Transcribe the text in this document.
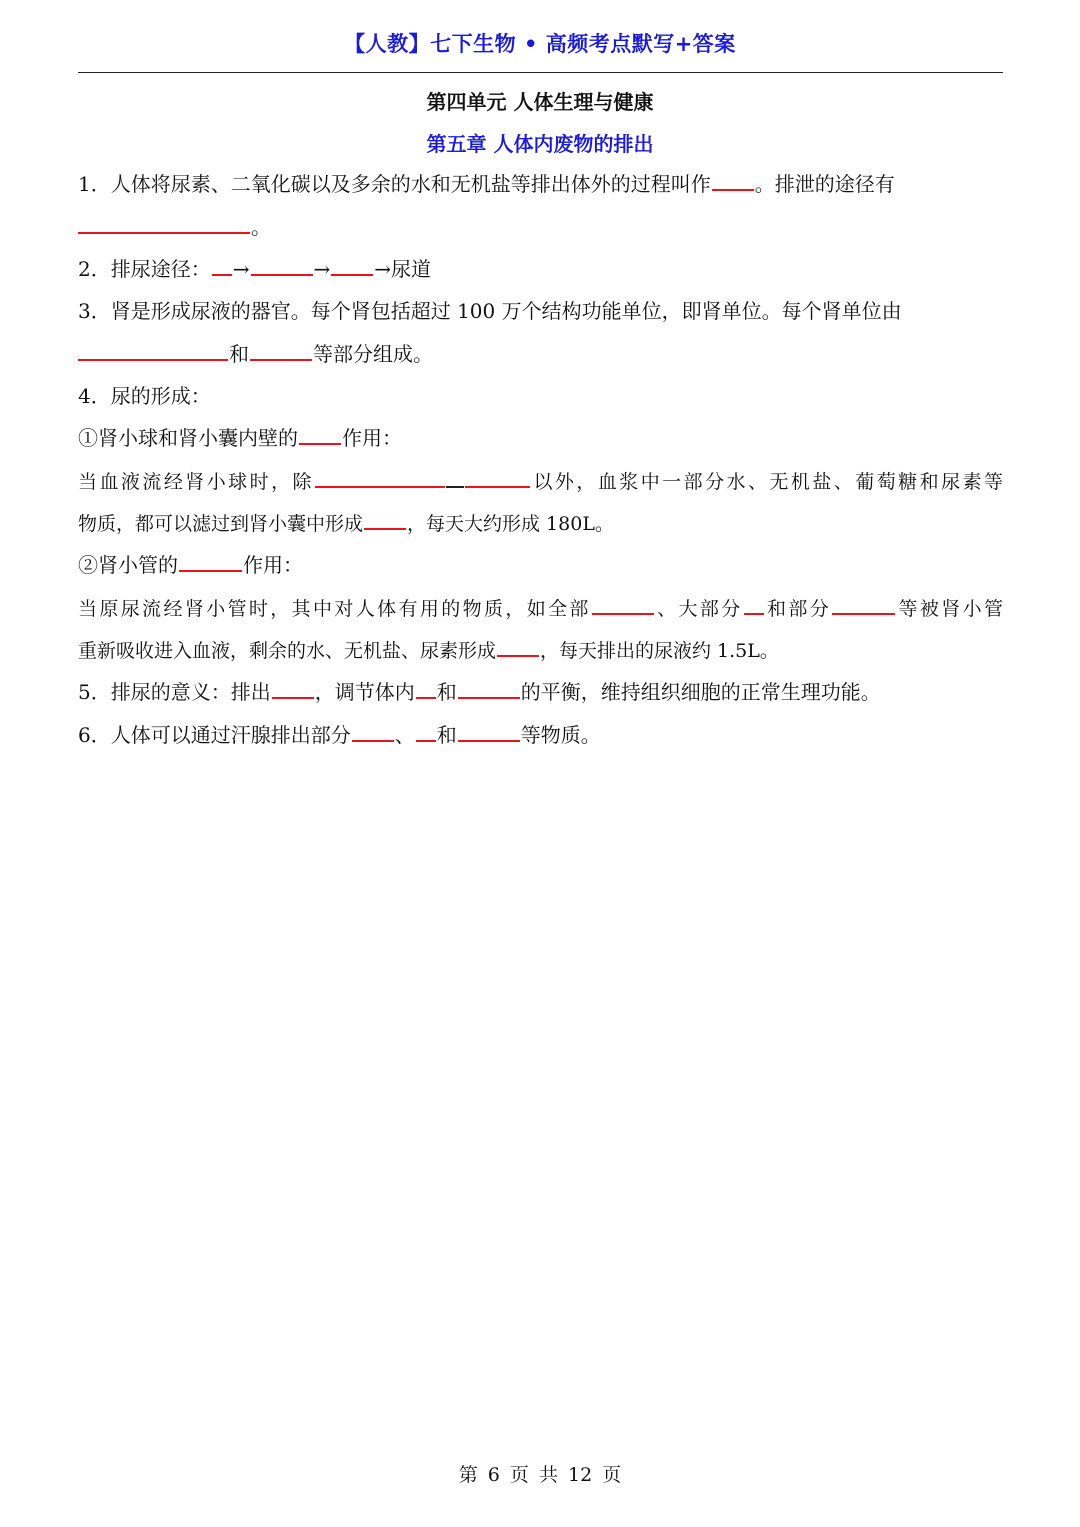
【人教】七下生物 • 高频考点默写+答案
第四单元 人体生理与健康
第五章 人体内废物的排出
1．人体将尿素、二氧化碳以及多余的水和无机盐等排出体外的过程叫作 。排泄的途径有
。
2．排尿途径： →	→ →尿道
3．肾是形成尿液的器官。每个肾包括超过 100 万个结构功能单位，即肾单位。每个肾单位由
和	等部分组成。
4．尿的形成：
①肾小球和肾小囊内壁的 作用：
当血液流经肾小球时，除	以外，血浆中一部分水、无机盐、葡萄糖和尿素等
物质，都可以滤过到肾小囊中形成 ，每天大约形成 180L。
②肾小管的	作用：
当原尿流经肾小管时，其中对人体有用的物质，如全部	、大部分 和部分	等被肾小管
重新吸收进入血液，剩余的水、无机盐、尿素形成 ，每天排出的尿液约 1.5L。
5．排尿的意义：排出 ，调节体内 和	的平衡，维持组织细胞的正常生理功能。
6．人体可以通过汗腺排出部分 、 和	等物质。
第 6 页 共 12 页
